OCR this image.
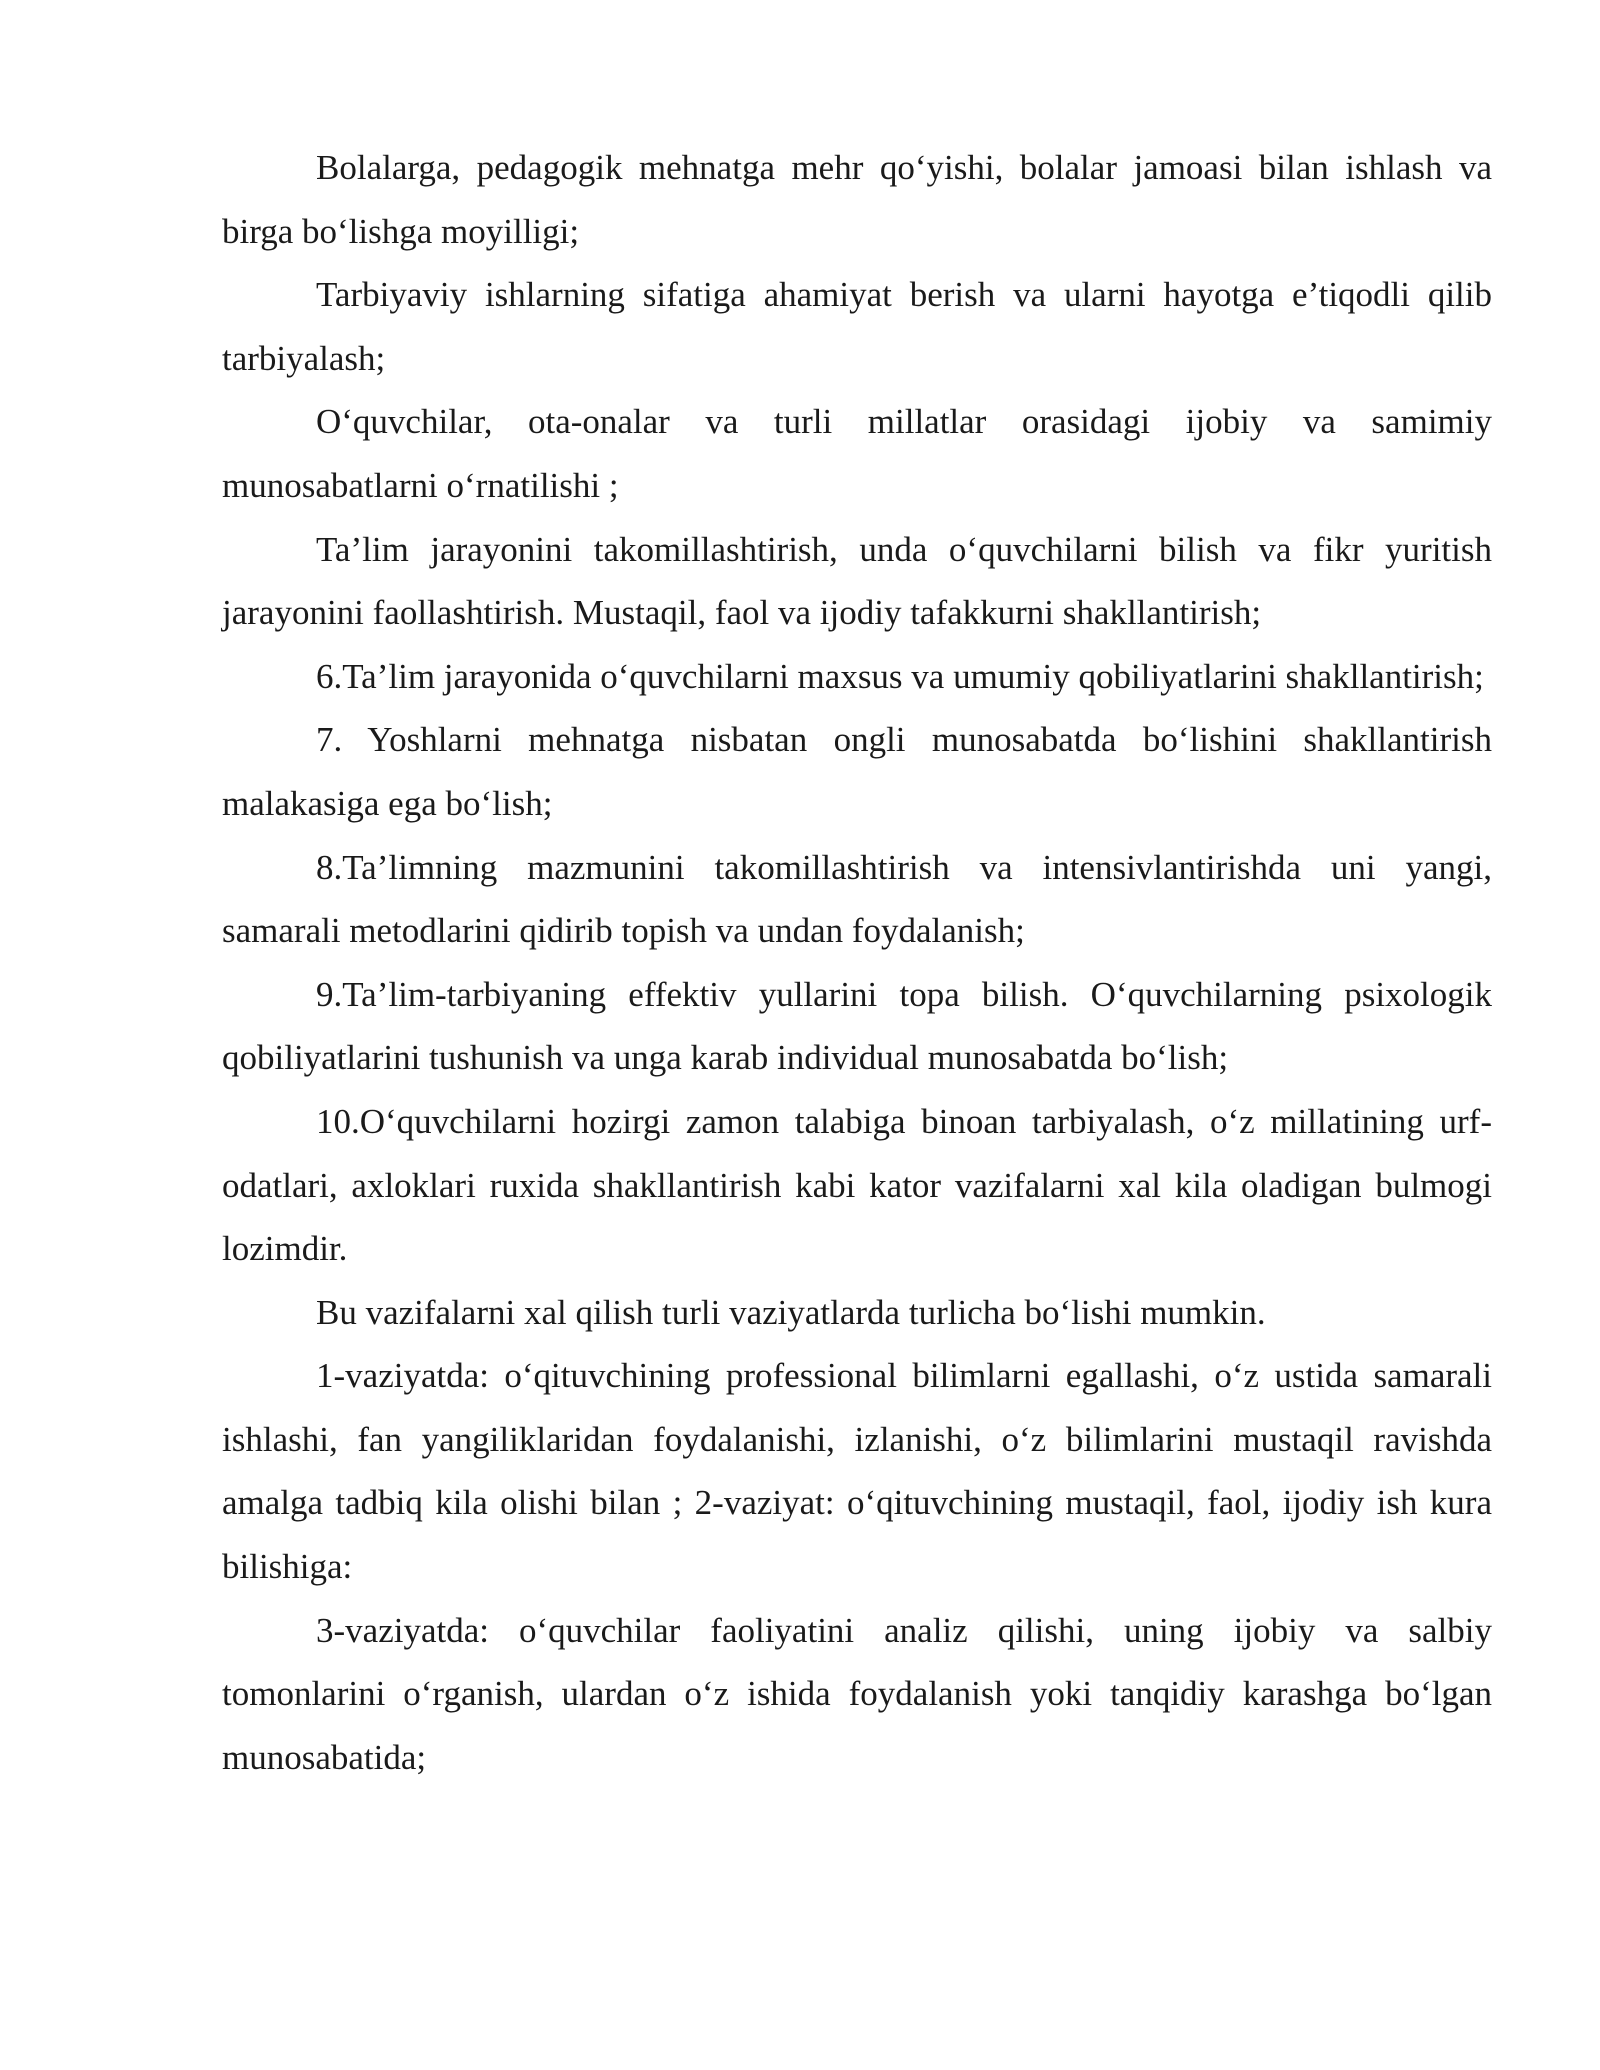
Bolalarga, pedagogik mehnatga mehr qoʻyishi, bolalar jamoasi bilan ishlash va birga boʻlishga moyilligi;

Tarbiyaviy ishlarning sifatiga ahamiyat berish va ularni hayotga e’tiqodli qilib tarbiyalash;

Oʻquvchilar, ota-onalar va turli millatlar orasidagi ijobiy va samimiy munosabatlarni oʻrnatilishi ;

Ta’lim jarayonini takomillashtirish, unda oʻquvchilarni bilish va fikr yuritish jarayonini faollashtirish. Mustaqil, faol va ijodiy tafakkurni shakllantirish;

6.Ta’lim jarayonida oʻquvchilarni maxsus va umumiy qobiliyatlarini shakllantirish;

7. Yoshlarni mehnatga nisbatan ongli munosabatda boʻlishini shakllantirish malakasiga ega boʻlish;

8.Ta’limning mazmunini takomillashtirish va intensivlantirishda uni yangi, samarali metodlarini qidirib topish va undan foydalanish;

9.Ta’lim-tarbiyaning effektiv yullarini topa bilish. Oʻquvchilarning psixologik qobiliyatlarini tushunish va unga karab individual munosabatda boʻlish;

10.Oʻquvchilarni hozirgi zamon talabiga binoan tarbiyalash, oʻz millatining urf-odatlari, axloklari ruxida shakllantirish kabi kator vazifalarni xal kila oladigan bulmogi lozimdir.

Bu vazifalarni xal qilish turli vaziyatlarda turlicha boʻlishi mumkin.

1-vaziyatda: oʻqituvchining professional bilimlarni egallashi, oʻz ustida samarali ishlashi, fan yangiliklaridan foydalanishi, izlanishi, oʻz bilimlarini mustaqil ravishda amalga tadbiq kila olishi bilan ; 2-vaziyat: oʻqituvchining mustaqil, faol, ijodiy ish kura bilishiga:

3-vaziyatda: oʻquvchilar faoliyatini analiz qilishi, uning ijobiy va salbiy tomonlarini oʻrganish, ulardan oʻz ishida foydalanish yoki tanqidiy karashga boʻlgan munosabatida;
